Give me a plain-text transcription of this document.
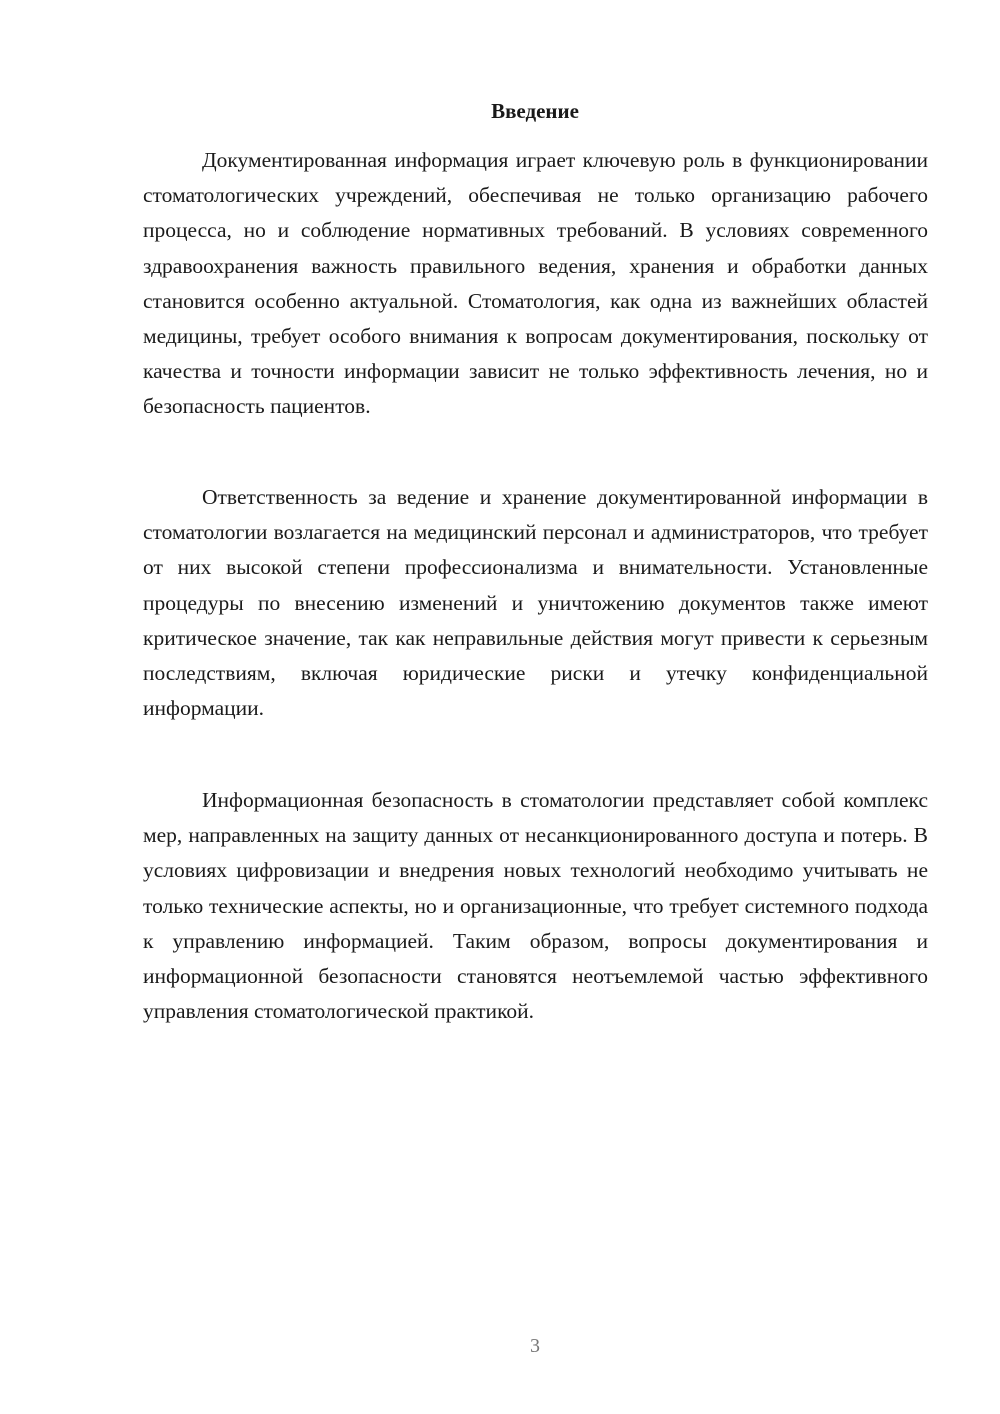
Введение

Документированная информация играет ключевую роль в функционировании стоматологических учреждений, обеспечивая не только организацию рабочего процесса, но и соблюдение нормативных требований. В условиях современного здравоохранения важность правильного ведения, хранения и обработки данных становится особенно актуальной. Стоматология, как одна из важнейших областей медицины, требует особого внимания к вопросам документирования, поскольку от качества и точности информации зависит не только эффективность лечения, но и безопасность пациентов.

Ответственность за ведение и хранение документированной информации в стоматологии возлагается на медицинский персонал и администраторов, что требует от них высокой степени профессионализма и внимательности. Установленные процедуры по внесению изменений и уничтожению документов также имеют критическое значение, так как неправильные действия могут привести к серьезным последствиям, включая юридические риски и утечку конфиденциальной информации.

Информационная безопасность в стоматологии представляет собой комплекс мер, направленных на защиту данных от несанкционированного доступа и потерь. В условиях цифровизации и внедрения новых технологий необходимо учитывать не только технические аспекты, но и организационные, что требует системного подхода к управлению информацией. Таким образом, вопросы документирования и информационной безопасности становятся неотъемлемой частью эффективного управления стоматологической практикой.

3
